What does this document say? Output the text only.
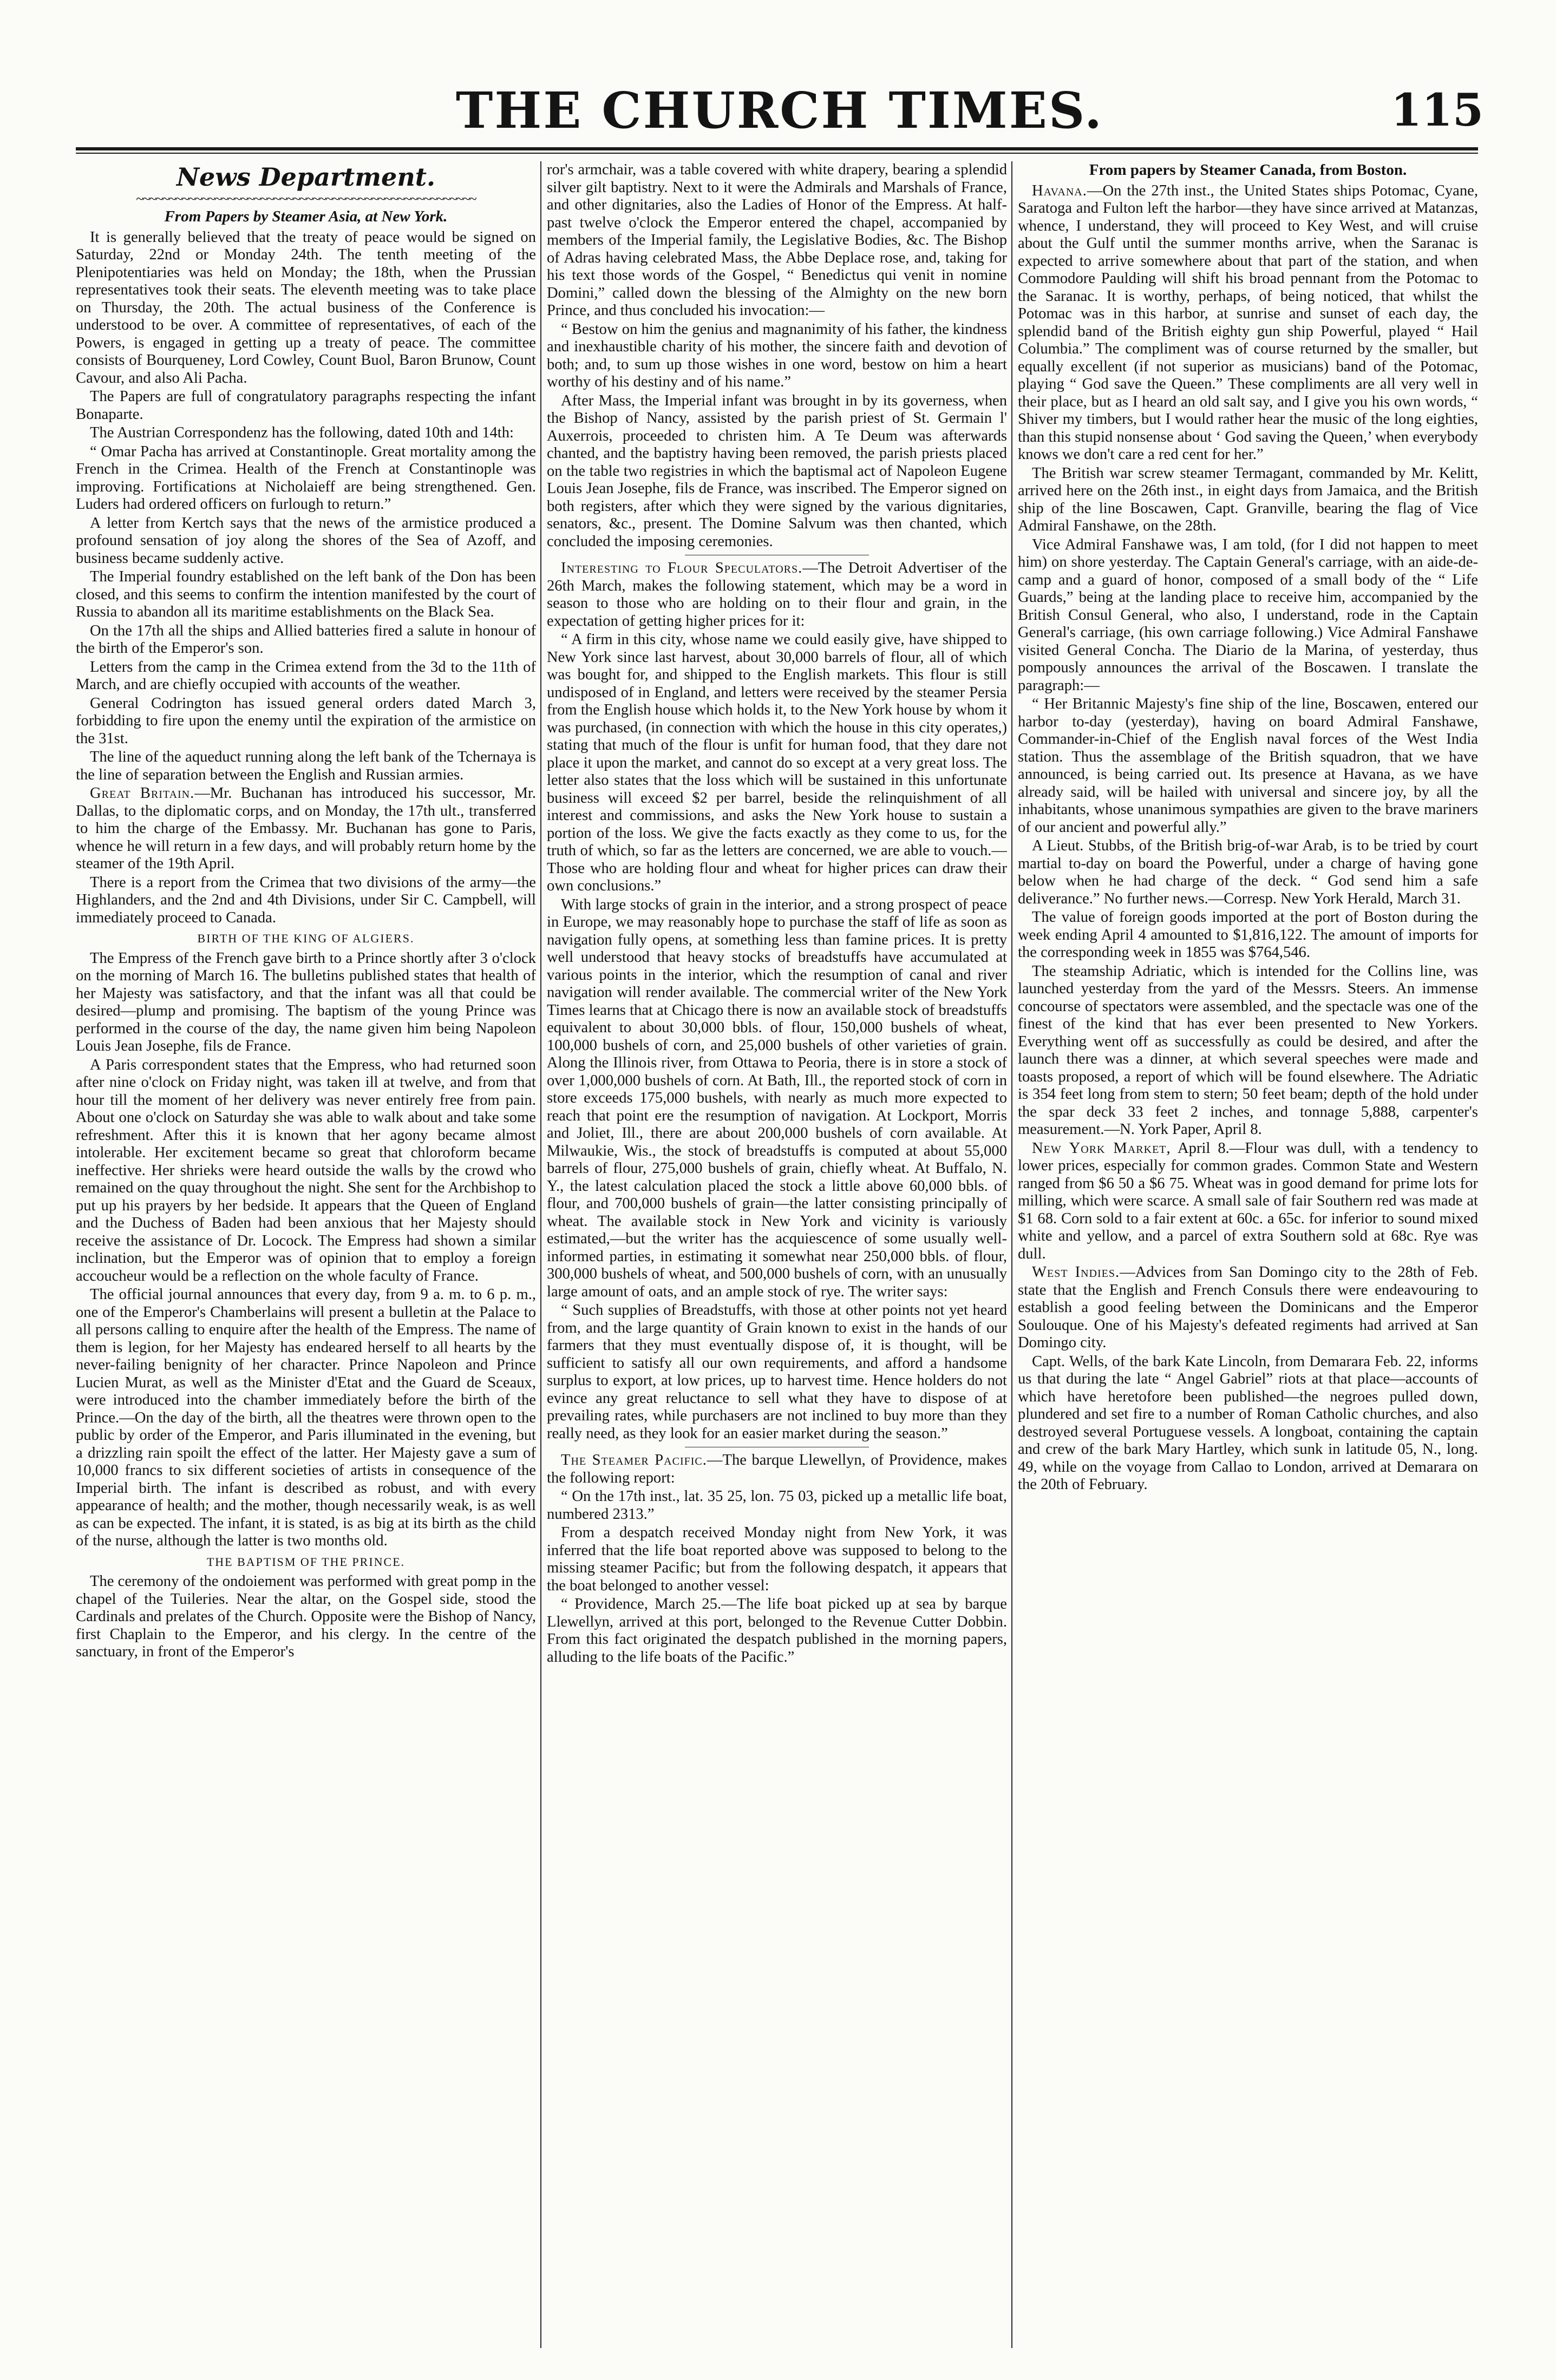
THE CHURCH TIMES.	115
News Department.
~~~~~~~~~~~~~~~~~~~~~~~~~~~~~~~~~~~~~~~~~~~~~~~~~~~~

From Papers by Steamer Asia, at New York.

It is generally believed that the treaty of peace would be signed on Saturday, 22nd or Monday 24th. The tenth meeting of the Plenipotentiaries was held on Monday; the 18th, when the Prussian representatives took their seats. The eleventh meeting was to take place on Thursday, the 20th. The actual business of the Conference is understood to be over. A committee of representatives, of each of the Powers, is engaged in getting up a treaty of peace. The committee consists of Bourqueney, Lord Cowley, Count Buol, Baron Brunow, Count Cavour, and also Ali Pacha.

The Papers are full of congratulatory paragraphs respecting the infant Bonaparte.

The Austrian Correspondenz has the following, dated 10th and 14th:

“ Omar Pacha has arrived at Constantinople. Great mortality among the French in the Crimea. Health of the French at Constantinople was improving. Fortifications at Nicholaieff are being strengthened. Gen. Luders had ordered officers on furlough to return.”

A letter from Kertch says that the news of the armistice produced a profound sensation of joy along the shores of the Sea of Azoff, and business became suddenly active.

The Imperial foundry established on the left bank of the Don has been closed, and this seems to confirm the intention manifested by the court of Russia to abandon all its maritime establishments on the Black Sea.

On the 17th all the ships and Allied batteries fired a salute in honour of the birth of the Emperor's son.

Letters from the camp in the Crimea extend from the 3d to the 11th of March, and are chiefly occupied with accounts of the weather.

General Codrington has issued general orders dated March 3, forbidding to fire upon the enemy until the expiration of the armistice on the 31st.

The line of the aqueduct running along the left bank of the Tchernaya is the line of separation between the English and Russian armies.

Great Britain.—Mr. Buchanan has introduced his successor, Mr. Dallas, to the diplomatic corps, and on Monday, the 17th ult., transferred to him the charge of the Embassy. Mr. Buchanan has gone to Paris, whence he will return in a few days, and will probably return home by the steamer of the 19th April.

There is a report from the Crimea that two divisions of the army—the Highlanders, and the 2nd and 4th Divisions, under Sir C. Campbell, will immediately proceed to Canada.

BIRTH OF THE KING OF ALGIERS.

The Empress of the French gave birth to a Prince shortly after 3 o'clock on the morning of March 16. The bulletins published states that health of her Majesty was satisfactory, and that the infant was all that could be desired—plump and promising. The baptism of the young Prince was performed in the course of the day, the name given him being Napoleon Louis Jean Josephe, fils de France.

A Paris correspondent states that the Empress, who had returned soon after nine o'clock on Friday night, was taken ill at twelve, and from that hour till the moment of her delivery was never entirely free from pain. About one o'clock on Saturday she was able to walk about and take some refreshment. After this it is known that her agony became almost intolerable. Her excitement became so great that chloroform became ineffective. Her shrieks were heard outside the walls by the crowd who remained on the quay throughout the night. She sent for the Archbishop to put up his prayers by her bedside. It appears that the Queen of England and the Duchess of Baden had been anxious that her Majesty should receive the assistance of Dr. Locock. The Empress had shown a similar inclination, but the Emperor was of opinion that to employ a foreign accoucheur would be a reflection on the whole faculty of France.

The official journal announces that every day, from 9 a. m. to 6 p. m., one of the Emperor's Chamberlains will present a bulletin at the Palace to all persons calling to enquire after the health of the Empress. The name of them is legion, for her Majesty has endeared herself to all hearts by the never-failing benignity of her character. Prince Napoleon and Prince Lucien Murat, as well as the Minister d'Etat and the Guard de Sceaux, were introduced into the chamber immediately before the birth of the Prince.—On the day of the birth, all the theatres were thrown open to the public by order of the Emperor, and Paris illuminated in the evening, but a drizzling rain spoilt the effect of the latter. Her Majesty gave a sum of 10,000 francs to six different societies of artists in consequence of the Imperial birth. The infant is described as robust, and with every appearance of health; and the mother, though necessarily weak, is as well as can be expected. The infant, it is stated, is as big at its birth as the child of the nurse, although the latter is two months old.

THE BAPTISM OF THE PRINCE.

The ceremony of the ondoiement was performed with great pomp in the chapel of the Tuileries. Near the altar, on the Gospel side, stood the Cardinals and prelates of the Church. Opposite were the Bishop of Nancy, first Chaplain to the Emperor, and his clergy. In the centre of the sanctuary, in front of the Emperor's

ror's armchair, was a table covered with white drapery, bearing a splendid silver gilt baptistry. Next to it were the Admirals and Marshals of France, and other dignitaries, also the Ladies of Honor of the Empress. At half-past twelve o'clock the Emperor entered the chapel, accompanied by members of the Imperial family, the Legislative Bodies, &c. The Bishop of Adras having celebrated Mass, the Abbe Deplace rose, and, taking for his text those words of the Gospel, “ Benedictus qui venit in nomine Domini,” called down the blessing of the Almighty on the new born Prince, and thus concluded his invocation:—

“ Bestow on him the genius and magnanimity of his father, the kindness and inexhaustible charity of his mother, the sincere faith and devotion of both; and, to sum up those wishes in one word, bestow on him a heart worthy of his destiny and of his name.”

After Mass, the Imperial infant was brought in by its governess, when the Bishop of Nancy, assisted by the parish priest of St. Germain l' Auxerrois, proceeded to christen him. A Te Deum was afterwards chanted, and the baptistry having been removed, the parish priests placed on the table two registries in which the baptismal act of Napoleon Eugene Louis Jean Josephe, fils de France, was inscribed. The Emperor signed on both registers, after which they were signed by the various dignitaries, senators, &c., present. The Domine Salvum was then chanted, which concluded the imposing ceremonies.

Interesting to Flour Speculators.—The Detroit Advertiser of the 26th March, makes the following statement, which may be a word in season to those who are holding on to their flour and grain, in the expectation of getting higher prices for it:

“ A firm in this city, whose name we could easily give, have shipped to New York since last harvest, about 30,000 barrels of flour, all of which was bought for, and shipped to the English markets. This flour is still undisposed of in England, and letters were received by the steamer Persia from the English house which holds it, to the New York house by whom it was purchased, (in connection with which the house in this city operates,) stating that much of the flour is unfit for human food, that they dare not place it upon the market, and cannot do so except at a very great loss. The letter also states that the loss which will be sustained in this unfortunate business will exceed $2 per barrel, beside the relinquishment of all interest and commissions, and asks the New York house to sustain a portion of the loss. We give the facts exactly as they come to us, for the truth of which, so far as the letters are concerned, we are able to vouch.—Those who are holding flour and wheat for higher prices can draw their own conclusions.”

With large stocks of grain in the interior, and a strong prospect of peace in Europe, we may reasonably hope to purchase the staff of life as soon as navigation fully opens, at something less than famine prices. It is pretty well understood that heavy stocks of breadstuffs have accumulated at various points in the interior, which the resumption of canal and river navigation will render available. The commercial writer of the New York Times learns that at Chicago there is now an available stock of breadstuffs equivalent to about 30,000 bbls. of flour, 150,000 bushels of wheat, 100,000 bushels of corn, and 25,000 bushels of other varieties of grain. Along the Illinois river, from Ottawa to Peoria, there is in store a stock of over 1,000,000 bushels of corn. At Bath, Ill., the reported stock of corn in store exceeds 175,000 bushels, with nearly as much more expected to reach that point ere the resumption of navigation. At Lockport, Morris and Joliet, Ill., there are about 200,000 bushels of corn available. At Milwaukie, Wis., the stock of breadstuffs is computed at about 55,000 barrels of flour, 275,000 bushels of grain, chiefly wheat. At Buffalo, N. Y., the latest calculation placed the stock a little above 60,000 bbls. of flour, and 700,000 bushels of grain—the latter consisting principally of wheat. The available stock in New York and vicinity is variously estimated,—but the writer has the acquiescence of some usually well-informed parties, in estimating it somewhat near 250,000 bbls. of flour, 300,000 bushels of wheat, and 500,000 bushels of corn, with an unusually large amount of oats, and an ample stock of rye. The writer says:

“ Such supplies of Breadstuffs, with those at other points not yet heard from, and the large quantity of Grain known to exist in the hands of our farmers that they must eventually dispose of, it is thought, will be sufficient to satisfy all our own requirements, and afford a handsome surplus to export, at low prices, up to harvest time. Hence holders do not evince any great reluctance to sell what they have to dispose of at prevailing rates, while purchasers are not inclined to buy more than they really need, as they look for an easier market during the season.”

The Steamer Pacific.—The barque Llewellyn, of Providence, makes the following report:

“ On the 17th inst., lat. 35 25, lon. 75 03, picked up a metallic life boat, numbered 2313.”

From a despatch received Monday night from New York, it was inferred that the life boat reported above was supposed to belong to the missing steamer Pacific; but from the following despatch, it appears that the boat belonged to another vessel:

“ Providence, March 25.—The life boat picked up at sea by barque Llewellyn, arrived at this port, belonged to the Revenue Cutter Dobbin. From this fact originated the despatch published in the morning papers, alluding to the life boats of the Pacific.”

From papers by Steamer Canada, from Boston.

Havana.—On the 27th inst., the United States ships Potomac, Cyane, Saratoga and Fulton left the harbor—they have since arrived at Matanzas, whence, I understand, they will proceed to Key West, and will cruise about the Gulf until the summer months arrive, when the Saranac is expected to arrive somewhere about that part of the station, and when Commodore Paulding will shift his broad pennant from the Potomac to the Saranac. It is worthy, perhaps, of being noticed, that whilst the Potomac was in this harbor, at sunrise and sunset of each day, the splendid band of the British eighty gun ship Powerful, played “ Hail Columbia.” The compliment was of course returned by the smaller, but equally excellent (if not superior as musicians) band of the Potomac, playing “ God save the Queen.” These compliments are all very well in their place, but as I heard an old salt say, and I give you his own words, “ Shiver my timbers, but I would rather hear the music of the long eighties, than this stupid nonsense about ‘ God saving the Queen,’ when everybody knows we don't care a red cent for her.”

The British war screw steamer Termagant, commanded by Mr. Kelitt, arrived here on the 26th inst., in eight days from Jamaica, and the British ship of the line Boscawen, Capt. Granville, bearing the flag of Vice Admiral Fanshawe, on the 28th.

Vice Admiral Fanshawe was, I am told, (for I did not happen to meet him) on shore yesterday. The Captain General's carriage, with an aide-de-camp and a guard of honor, composed of a small body of the “ Life Guards,” being at the landing place to receive him, accompanied by the British Consul General, who also, I understand, rode in the Captain General's carriage, (his own carriage following.) Vice Admiral Fanshawe visited General Concha. The Diario de la Marina, of yesterday, thus pompously announces the arrival of the Boscawen. I translate the paragraph:—

“ Her Britannic Majesty's fine ship of the line, Boscawen, entered our harbor to-day (yesterday), having on board Admiral Fanshawe, Commander-in-Chief of the English naval forces of the West India station. Thus the assemblage of the British squadron, that we have announced, is being carried out. Its presence at Havana, as we have already said, will be hailed with universal and sincere joy, by all the inhabitants, whose unanimous sympathies are given to the brave mariners of our ancient and powerful ally.”

A Lieut. Stubbs, of the British brig-of-war Arab, is to be tried by court martial to-day on board the Powerful, under a charge of having gone below when he had charge of the deck. “ God send him a safe deliverance.” No further news.—Corresp. New York Herald, March 31.

The value of foreign goods imported at the port of Boston during the week ending April 4 amounted to $1,816,122. The amount of imports for the corresponding week in 1855 was $764,546.

The steamship Adriatic, which is intended for the Collins line, was launched yesterday from the yard of the Messrs. Steers. An immense concourse of spectators were assembled, and the spectacle was one of the finest of the kind that has ever been presented to New Yorkers. Everything went off as successfully as could be desired, and after the launch there was a dinner, at which several speeches were made and toasts proposed, a report of which will be found elsewhere. The Adriatic is 354 feet long from stem to stern; 50 feet beam; depth of the hold under the spar deck 33 feet 2 inches, and tonnage 5,888, carpenter's measurement.—N. York Paper, April 8.

New York Market, April 8.—Flour was dull, with a tendency to lower prices, especially for common grades. Common State and Western ranged from $6 50 a $6 75. Wheat was in good demand for prime lots for milling, which were scarce. A small sale of fair Southern red was made at $1 68. Corn sold to a fair extent at 60c. a 65c. for inferior to sound mixed white and yellow, and a parcel of extra Southern sold at 68c. Rye was dull.

West Indies.—Advices from San Domingo city to the 28th of Feb. state that the English and French Consuls there were endeavouring to establish a good feeling between the Dominicans and the Emperor Soulouque. One of his Majesty's defeated regiments had arrived at San Domingo city.

Capt. Wells, of the bark Kate Lincoln, from Demarara Feb. 22, informs us that during the late “ Angel Gabriel” riots at that place—accounts of which have heretofore been published—the negroes pulled down, plundered and set fire to a number of Roman Catholic churches, and also destroyed several Portuguese vessels. A longboat, containing the captain and crew of the bark Mary Hartley, which sunk in latitude 05, N., long. 49, while on the voyage from Callao to London, arrived at Demarara on the 20th of February.
